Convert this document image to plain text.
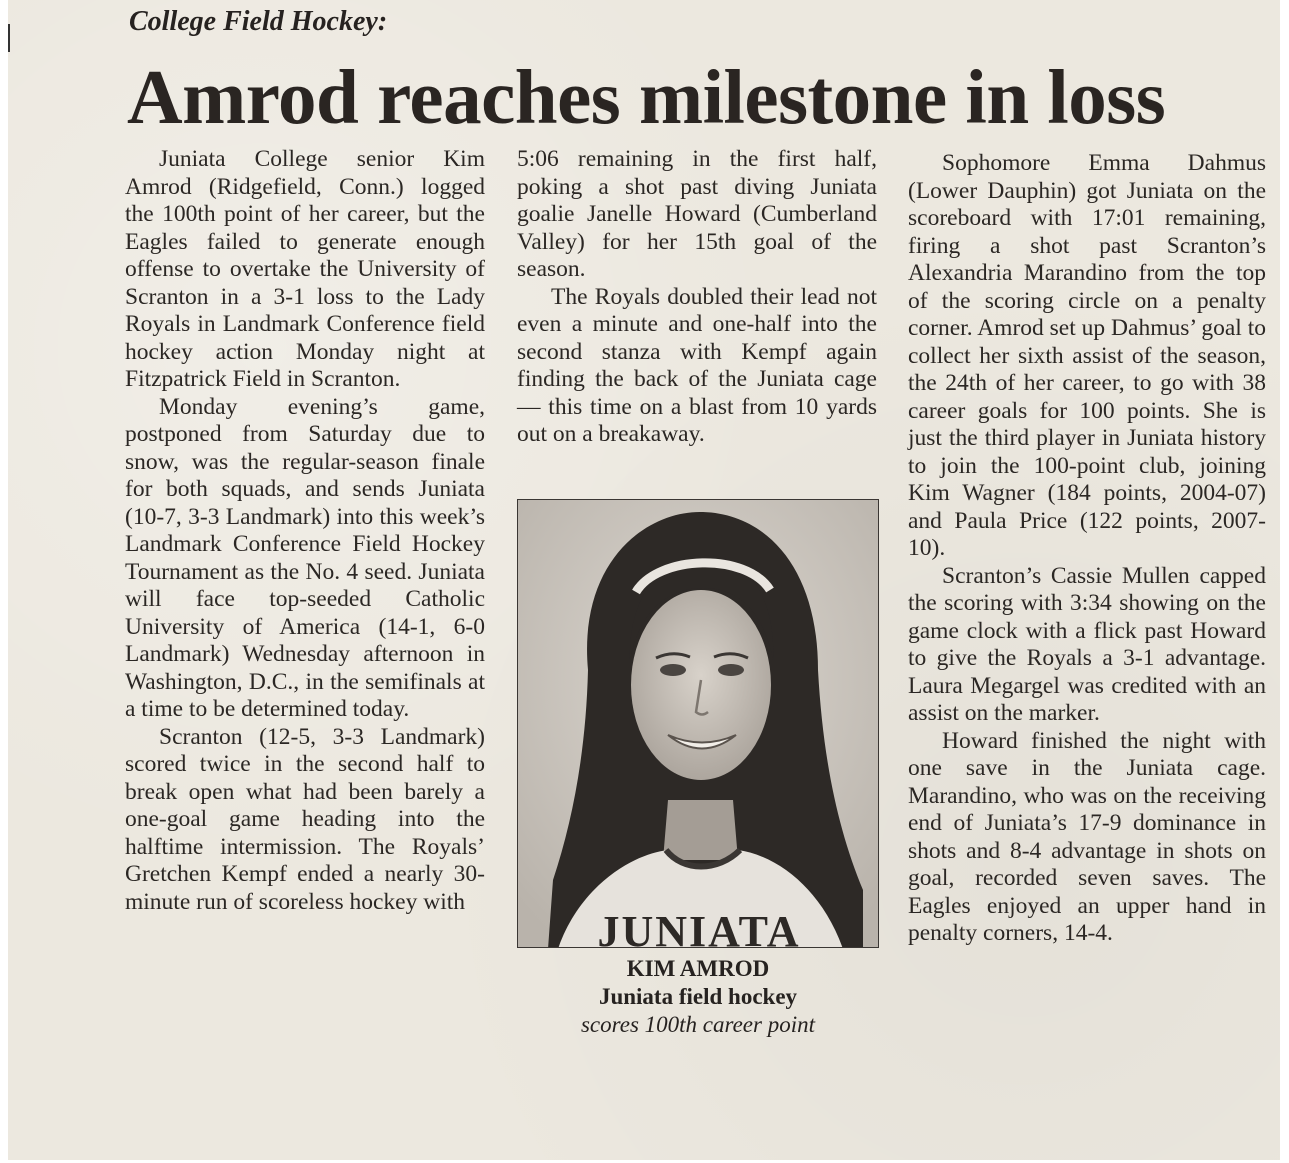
College Field Hockey:
Amrod reaches milestone in loss

Juniata College senior Kim Amrod (Ridgefield, Conn.) logged the 100th point of her career, but the Eagles failed to generate enough offense to overtake the University of Scranton in a 3-1 loss to the Lady Royals in Landmark Conference field hockey action Monday night at Fitzpatrick Field in Scranton.

Monday evening’s game, postponed from Saturday due to snow, was the regular-season finale for both squads, and sends Juniata (10-7, 3-3 Landmark) into this week’s Landmark Conference Field Hockey Tournament as the No. 4 seed. Juniata will face top-seeded Catholic University of America (14-1, 6-0 Landmark) Wednesday afternoon in Washington, D.C., in the semifinals at a time to be determined today.

Scranton (12-5, 3-3 Landmark) scored twice in the second half to break open what had been barely a one-goal game heading into the halftime intermission. The Royals’ Gretchen Kempf ended a nearly 30-minute run of scoreless hockey with

5:06 remaining in the first half, poking a shot past diving Juniata goalie Janelle Howard (Cumberland Valley) for her 15th goal of the season.

The Royals doubled their lead not even a minute and one-half into the second stanza with Kempf again finding the back of the Juniata cage — this time on a blast from 10 yards out on a breakaway.

JUNIATA
KIM AMROD
Juniata field hockey
scores 100th career point

Sophomore Emma Dahmus (Lower Dauphin) got Juniata on the scoreboard with 17:01 remaining, firing a shot past Scranton’s Alexandria Marandino from the top of the scoring circle on a penalty corner. Amrod set up Dahmus’ goal to collect her sixth assist of the season, the 24th of her career, to go with 38 career goals for 100 points. She is just the third player in Juniata history to join the 100-point club, joining Kim Wagner (184 points, 2004-07) and Paula Price (122 points, 2007-10).

Scranton’s Cassie Mullen capped the scoring with 3:34 showing on the game clock with a flick past Howard to give the Royals a 3-1 advantage. Laura Megargel was credited with an assist on the marker.

Howard finished the night with one save in the Juniata cage. Marandino, who was on the receiving end of Juniata’s 17-9 dominance in shots and 8-4 advantage in shots on goal, recorded seven saves. The Eagles enjoyed an upper hand in penalty corners, 14-4.
